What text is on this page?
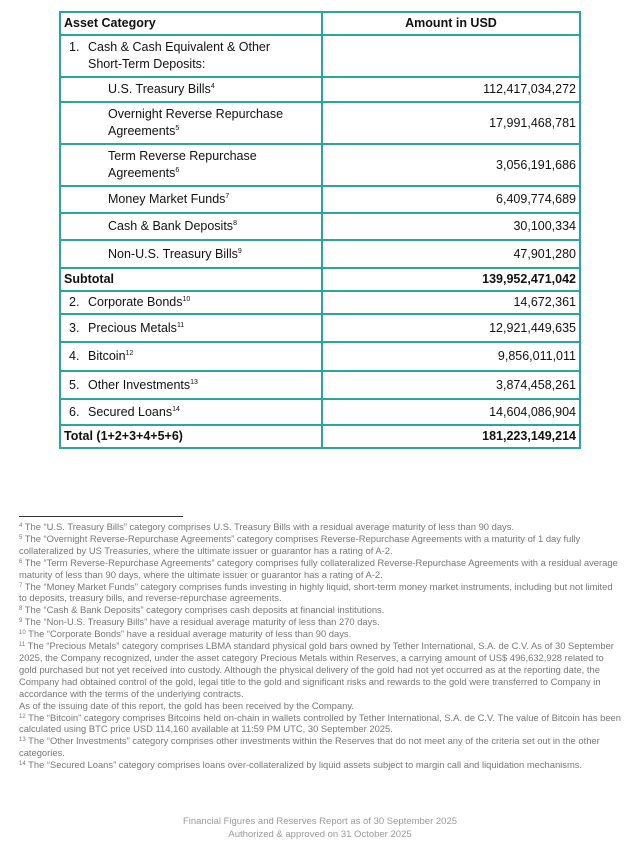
Asset Category	Amount in USD
1. Cash & Cash Equivalent & Other
Short-Term Deposits:	
U.S. Treasury Bills$^4$	112,417,034,272
Overnight Reverse Repurchase
Agreements$^5$	17,991,468,781
Term Reverse Repurchase
Agreements$^6$	3,056,191,686
Money Market Funds$^7$	6,409,774,689
Cash & Bank Deposits$^8$	30,100,334
Non-U.S. Treasury Bills$^9$	47,901,280
Subtotal	139,952,471,042
2. Corporate Bonds$^{10}$	14,672,361
3. Precious Metals$^{11}$	12,921,449,635
4. Bitcoin$^{12}$	9,856,011,011
5. Other Investments$^{13}$	3,874,458,261
6. Secured Loans$^{14}$	14,604,086,904
Total (1+2+3+4+5+6)	181,223,149,214

$^4$ The “U.S. Treasury Bills” category comprises U.S. Treasury Bills with a residual average maturity of less than 90 days.

$^5$ The “Overnight Reverse-Repurchase Agreements” category comprises Reverse-Repurchase Agreements with a maturity of 1 day fully collateralized by US Treasuries, where the ultimate issuer or guarantor has a rating of A-2.

$^6$ The “Term Reverse-Repurchase Agreements” category comprises fully collateralized Reverse-Repurchase Agreements with a residual average maturity of less than 90 days, where the ultimate issuer or guarantor has a rating of A-2.

$^7$ The “Money Market Funds” category comprises funds investing in highly liquid, short-term money market instruments, including but not limited to deposits, treasury bills, and reverse-repurchase agreements.

$^8$ The “Cash & Bank Deposits” category comprises cash deposits at financial institutions.

$^9$ The “Non-U.S. Treasury Bills” have a residual average maturity of less than 270 days.

$^{10}$ The “Corporate Bonds” have a residual average maturity of less than 90 days.

$^{11}$ The “Precious Metals” category comprises LBMA standard physical gold bars owned by Tether International, S.A. de C.V. As of 30 September 2025, the Company recognized, under the asset category Precious Metals within Reserves, a carrying amount of US$ 496,632,928 related to gold purchased but not yet received into custody. Although the physical delivery of the gold had not yet occurred as at the reporting date, the Company had obtained control of the gold, legal title to the gold and significant risks and rewards to the gold were transferred to Company in accordance with the terms of the underlying contracts.

As of the issuing date of this report, the gold has been received by the Company.

$^{12}$ The “Bitcoin” category comprises Bitcoins held on-chain in wallets controlled by Tether International, S.A. de C.V. The value of Bitcoin has been calculated using BTC price USD 114,160 available at 11:59 PM UTC, 30 September 2025.

$^{13}$ The “Other Investments” category comprises other investments within the Reserves that do not meet any of the criteria set out in the other categories.

$^{14}$ The “Secured Loans” category comprises loans over-collateralized by liquid assets subject to margin call and liquidation mechanisms.

Financial Figures and Reserves Report as of 30 September 2025
Authorized & approved on 31 October 2025
